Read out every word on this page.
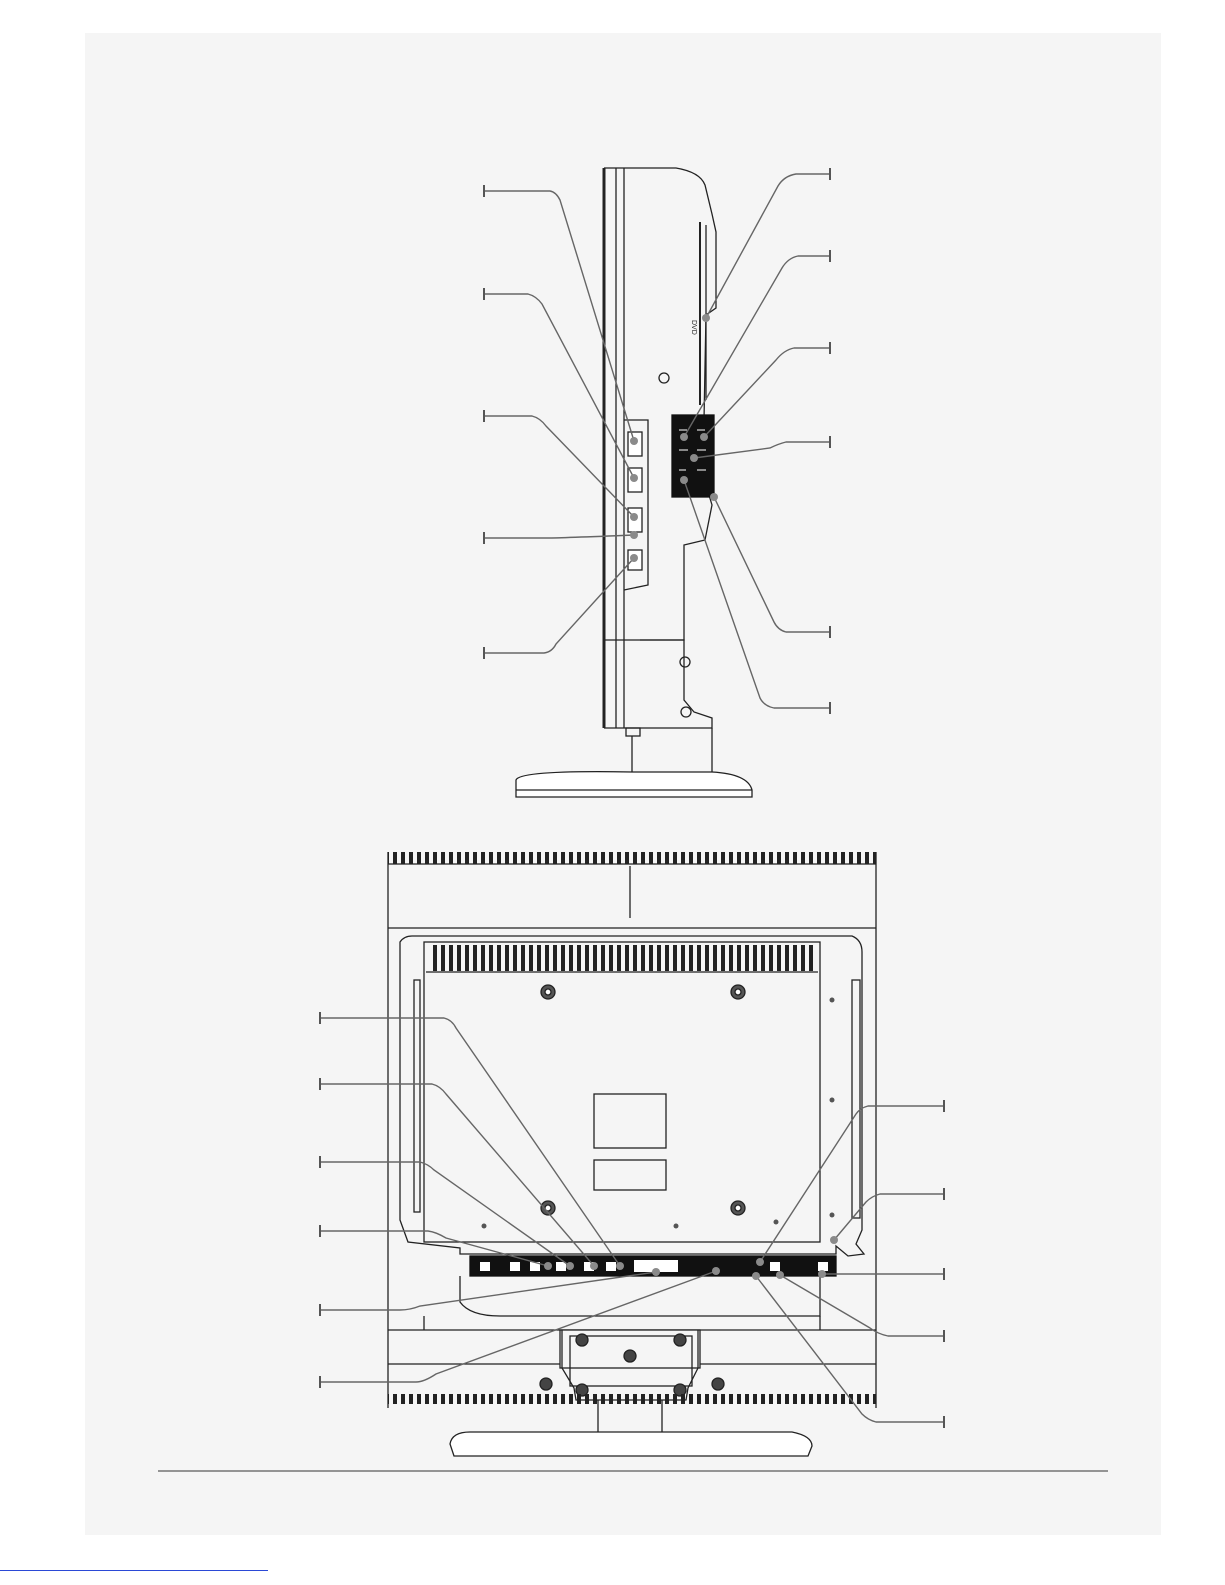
DVD
